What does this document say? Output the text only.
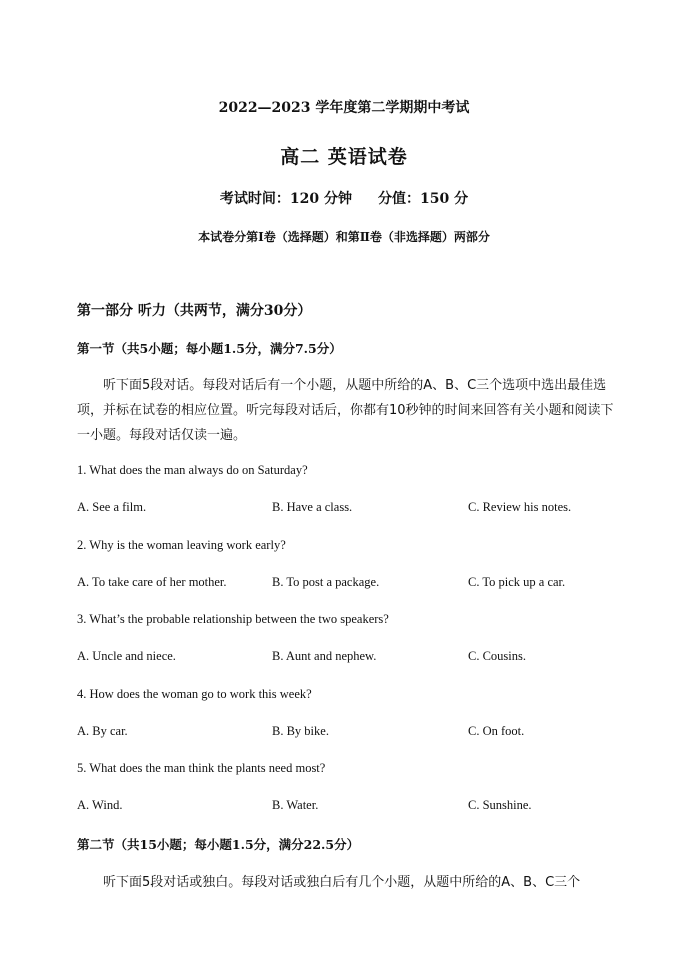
2022—2023 学年度第二学期期中考试
高二 英语试卷
考试时间：120 分钟 分值：150 分
本试卷分第Ⅰ卷（选择题）和第Ⅱ卷（非选择题）两部分
第一部分 听力（共两节，满分30分）
第一节（共5小题；每小题1.5分，满分7.5分）
听下面5段对话。每段对话后有一个小题，从题中所给的A、B、C三个选项中选出最佳选项，并标在试卷的相应位置。听完每段对话后，你都有10秒钟的时间来回答有关小题和阅读下一小题。每段对话仅读一遍。
1. What does the man always do on Saturday?
A. See a film.	B. Have a class.	C. Review his notes.
2. Why is the woman leaving work early?
A. To take care of her mother.	B. To post a package.	C. To pick up a car.
3. What’s the probable relationship between the two speakers?
A. Uncle and niece.	B. Aunt and nephew.	C. Cousins.
4. How does the woman go to work this week?
A. By car.	B. By bike.	C. On foot.
5. What does the man think the plants need most?
A. Wind.	B. Water.	C. Sunshine.
第二节（共15小题；每小题1.5分，满分22.5分）
听下面5段对话或独白。每段对话或独白后有几个小题，从题中所给的A、B、C三个
